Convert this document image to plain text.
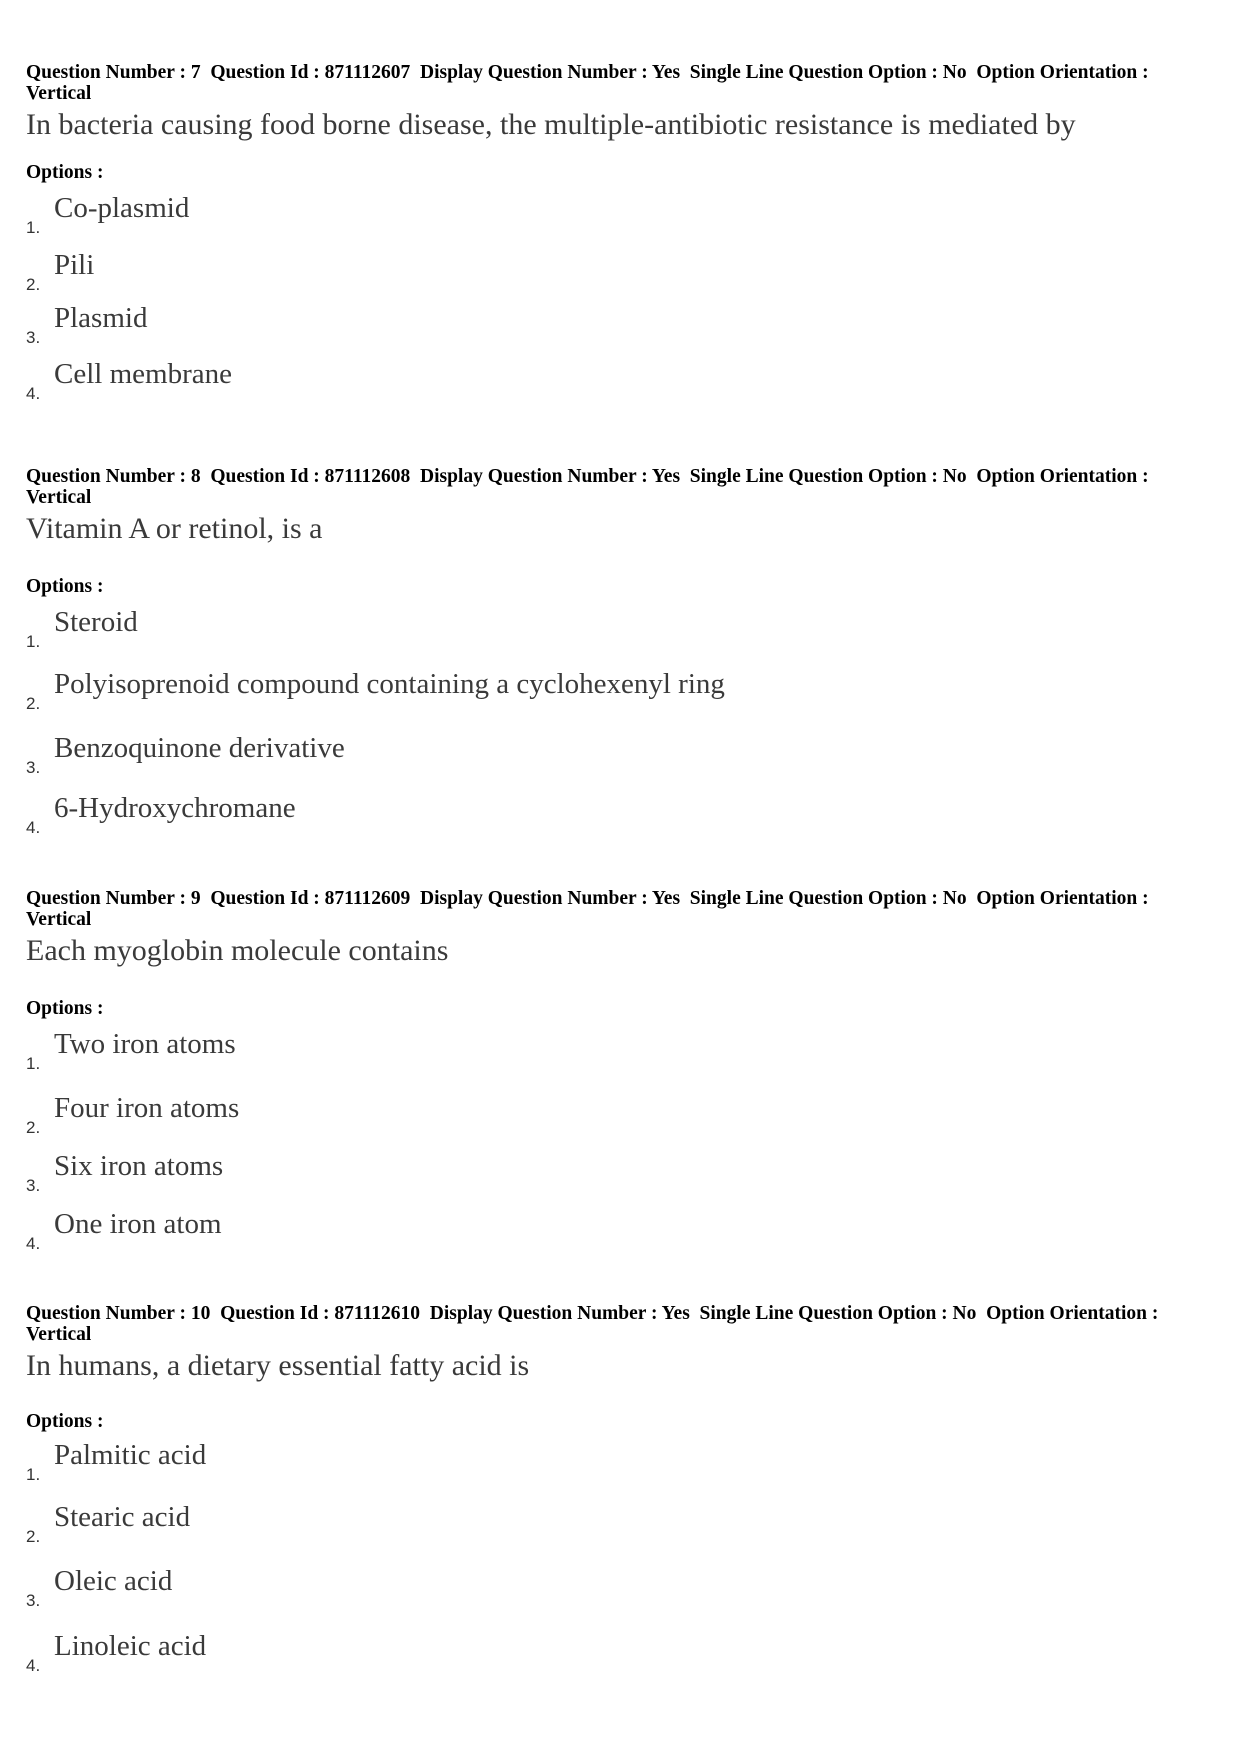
Question Number : 7  Question Id : 871112607  Display Question Number : Yes  Single Line Question Option : No  Option Orientation : Vertical
In bacteria causing food borne disease, the multiple-antibiotic resistance is mediated by
Options :
1.
Co-plasmid
2.
Pili
3.
Plasmid
4.
Cell membrane
Question Number : 8  Question Id : 871112608  Display Question Number : Yes  Single Line Question Option : No  Option Orientation : Vertical
Vitamin A or retinol, is a
Options :
1.
Steroid
2.
Polyisoprenoid compound containing a cyclohexenyl ring
3.
Benzoquinone derivative
4.
6-Hydroxychromane
Question Number : 9  Question Id : 871112609  Display Question Number : Yes  Single Line Question Option : No  Option Orientation : Vertical
Each myoglobin molecule contains
Options :
1.
Two iron atoms
2.
Four iron atoms
3.
Six iron atoms
4.
One iron atom
Question Number : 10  Question Id : 871112610  Display Question Number : Yes  Single Line Question Option : No  Option Orientation : Vertical
In humans, a dietary essential fatty acid is
Options :
1.
Palmitic acid
2.
Stearic acid
3.
Oleic acid
4.
Linoleic acid
